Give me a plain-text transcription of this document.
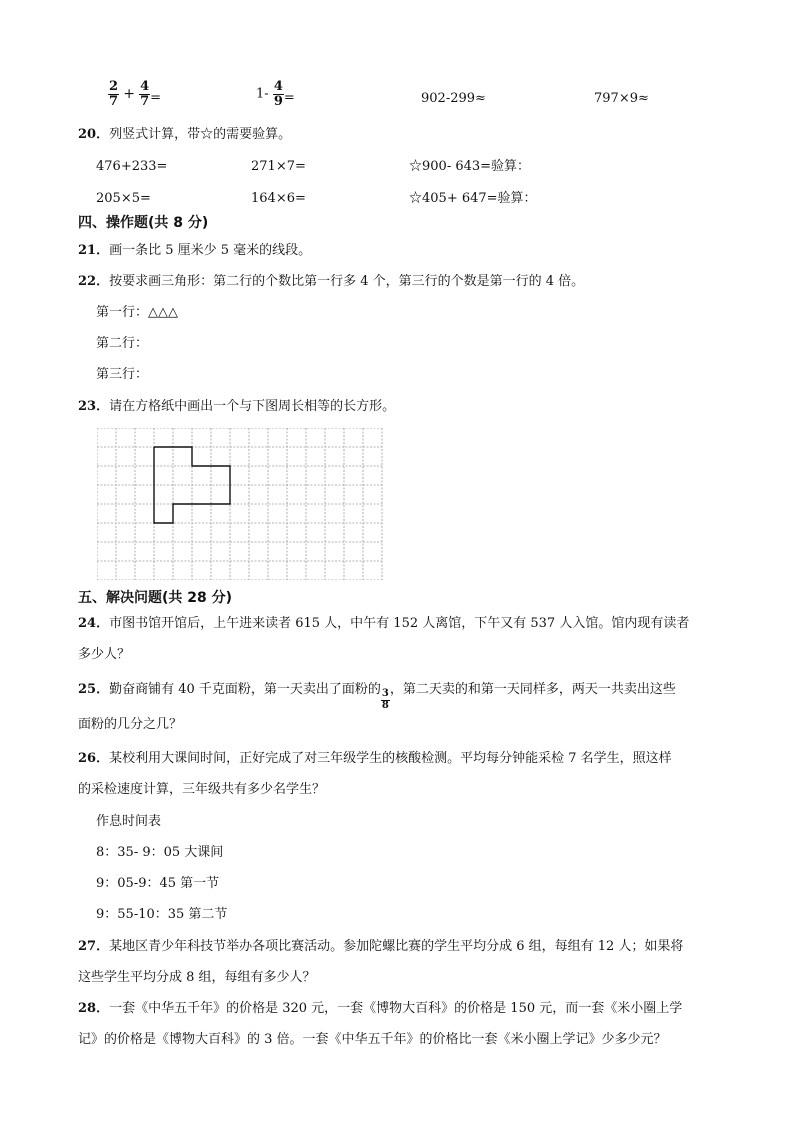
$\frac{2}{7} + \frac{4}{7}$ =	$1- \frac{4}{9}$ =	902-299≈	797×9≈
20．列竖式计算，带☆的需要验算。
476+233=	271×7=	☆900- 643=验算：
205×5=	164×6=	☆405+ 647=验算：
四、操作题(共 8 分)
21．画一条比 5 厘米少 5 毫米的线段。
22．按要求画三角形：第二行的个数比第一行多 4 个，第三行的个数是第一行的 4 倍。
第一行：△△△
第二行：
第三行：
23．请在方格纸中画出一个与下图周长相等的长方形。
五、解决问题(共 28 分)
24．市图书馆开馆后，上午进来读者 615 人，中午有 152 人离馆，下午又有 537 人入馆。馆内现有读者
多少人？
25．勤奋商铺有 40 千克面粉，第一天卖出了面粉的 $\frac{3}{8}$ ，第二天卖的和第一天同样多，两天一共卖出这些
面粉的几分之几？
26．某校利用大课间时间，正好完成了对三年级学生的核酸检测。平均每分钟能采检 7 名学生，照这样
的采检速度计算，三年级共有多少名学生？
作息时间表
8：35- 9：05 大课间
9：05-9：45 第一节
9：55-10：35 第二节
27．某地区青少年科技节举办各项比赛活动。参加陀螺比赛的学生平均分成 6 组，每组有 12 人；如果将
这些学生平均分成 8 组，每组有多少人？
28．一套《中华五千年》的价格是 320 元，一套《博物大百科》的价格是 150 元，而一套《米小圈上学
记》的价格是《博物大百科》的 3 倍。一套《中华五千年》的价格比一套《米小圈上学记》少多少元？
